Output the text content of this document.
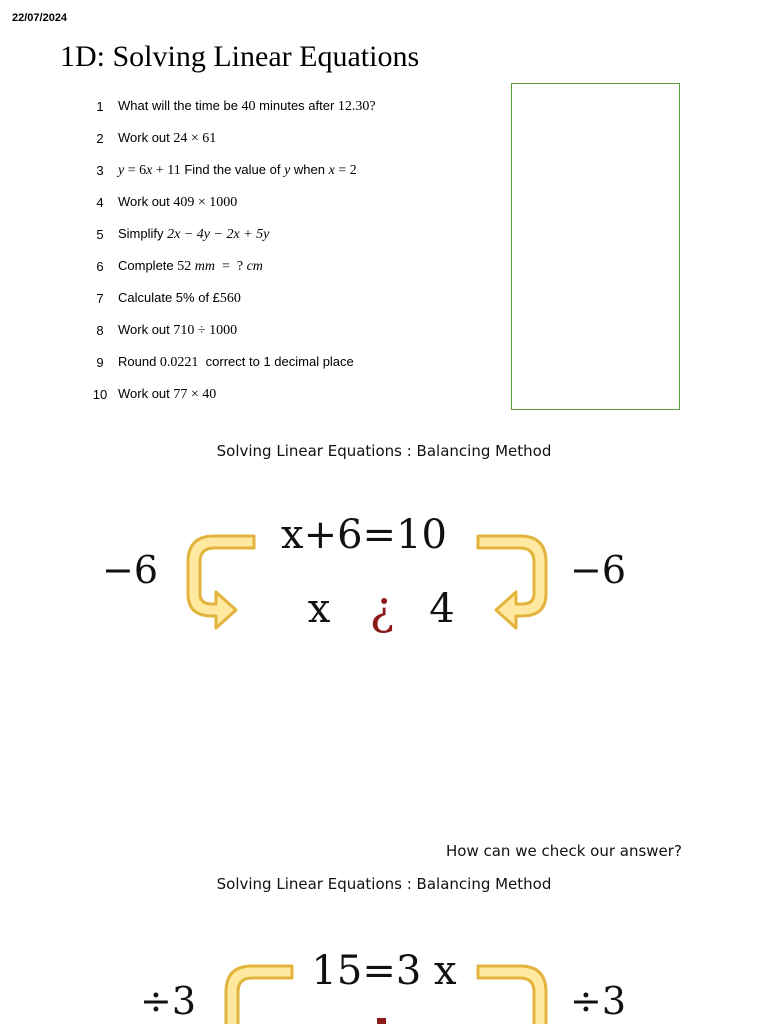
22/07/2024
1D: Solving Linear Equations
1	What will the time be 40 minutes after 12.30?
2	Work out 24 × 61
3	y = 6x + 11 Find the value of y when x = 2
4	Work out 409 × 1000
5	Simplify 2x − 4y − 2x + 5y
6	Complete 52 mm  =  ? cm
7	Calculate 5% of £560
8	Work out 710 ÷ 1000
9	Round 0.0221  correct to 1 decimal place
10 Work out 77 × 40
Solving Linear Equations : Balancing Method
−6
x+6=10
x ¿ 4
−6
How can we check our answer?
Solving Linear Equations : Balancing Method
÷3
15=3 x
÷3
